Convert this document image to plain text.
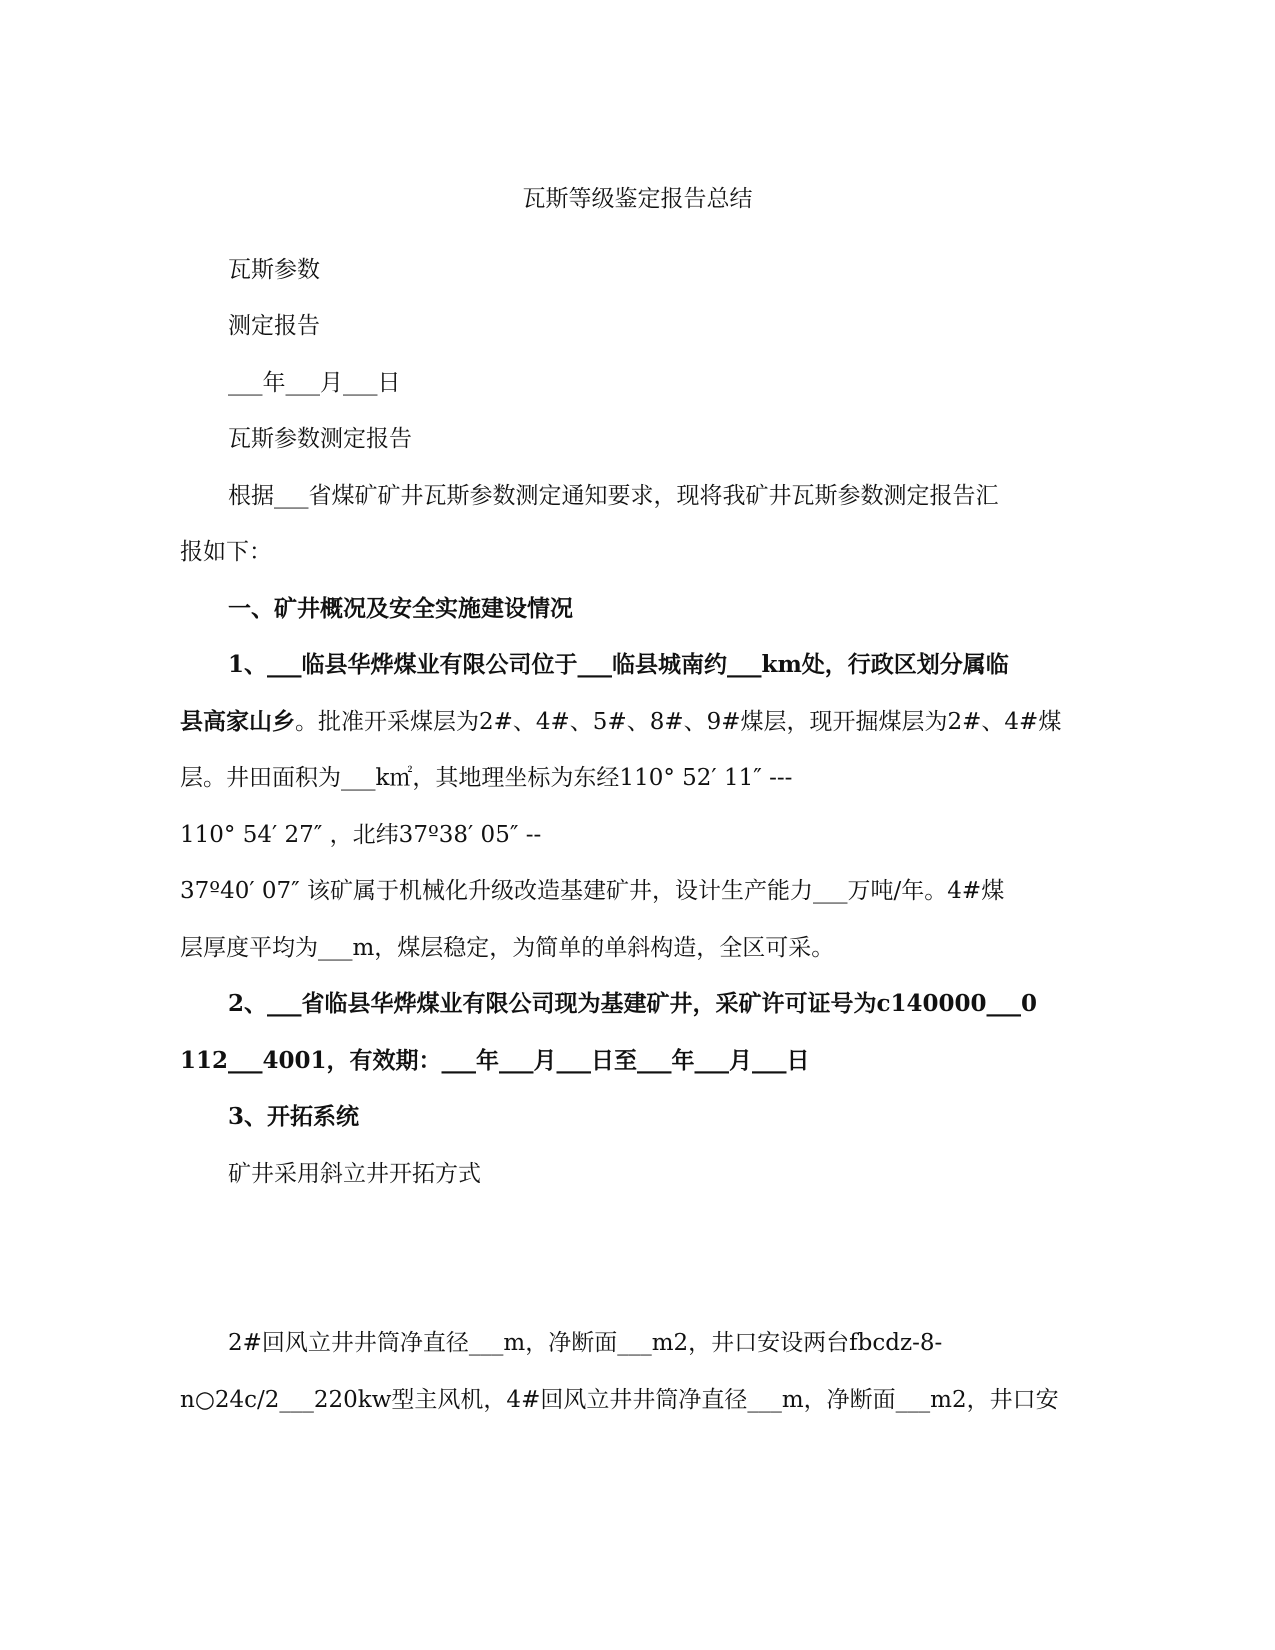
瓦斯等级鉴定报告总结
瓦斯参数
测定报告
___年___月___日
瓦斯参数测定报告
根据___省煤矿矿井瓦斯参数测定通知要求，现将我矿井瓦斯参数测定报告汇
报如下：
一、矿井概况及安全实施建设情况
1、___临县华烨煤业有限公司位于___临县城南约___km处，行政区划分属临
县高家山乡。批准开采煤层为2#、4#、5#、8#、9#煤层，现开掘煤层为2#、4#煤
层。井田面积为___k㎡，其地理坐标为东经110° 52′ 11″ ---
110° 54′ 27″ ，北纬37º38′ 05″ --
37º40′ 07″ 该矿属于机械化升级改造基建矿井，设计生产能力___万吨/年。4#煤
层厚度平均为___m，煤层稳定，为简单的单斜构造，全区可采。
2、___省临县华烨煤业有限公司现为基建矿井，采矿许可证号为c140000___0
112___4001，有效期：___年___月___日至___年___月___日
3、开拓系统
矿井采用斜立井开拓方式
2#回风立井井筒净直径___m，净断面___m2，井口安设两台fbcdz-8-
n○24c/2___220kw型主风机，4#回风立井井筒净直径___m，净断面___m2，井口安
